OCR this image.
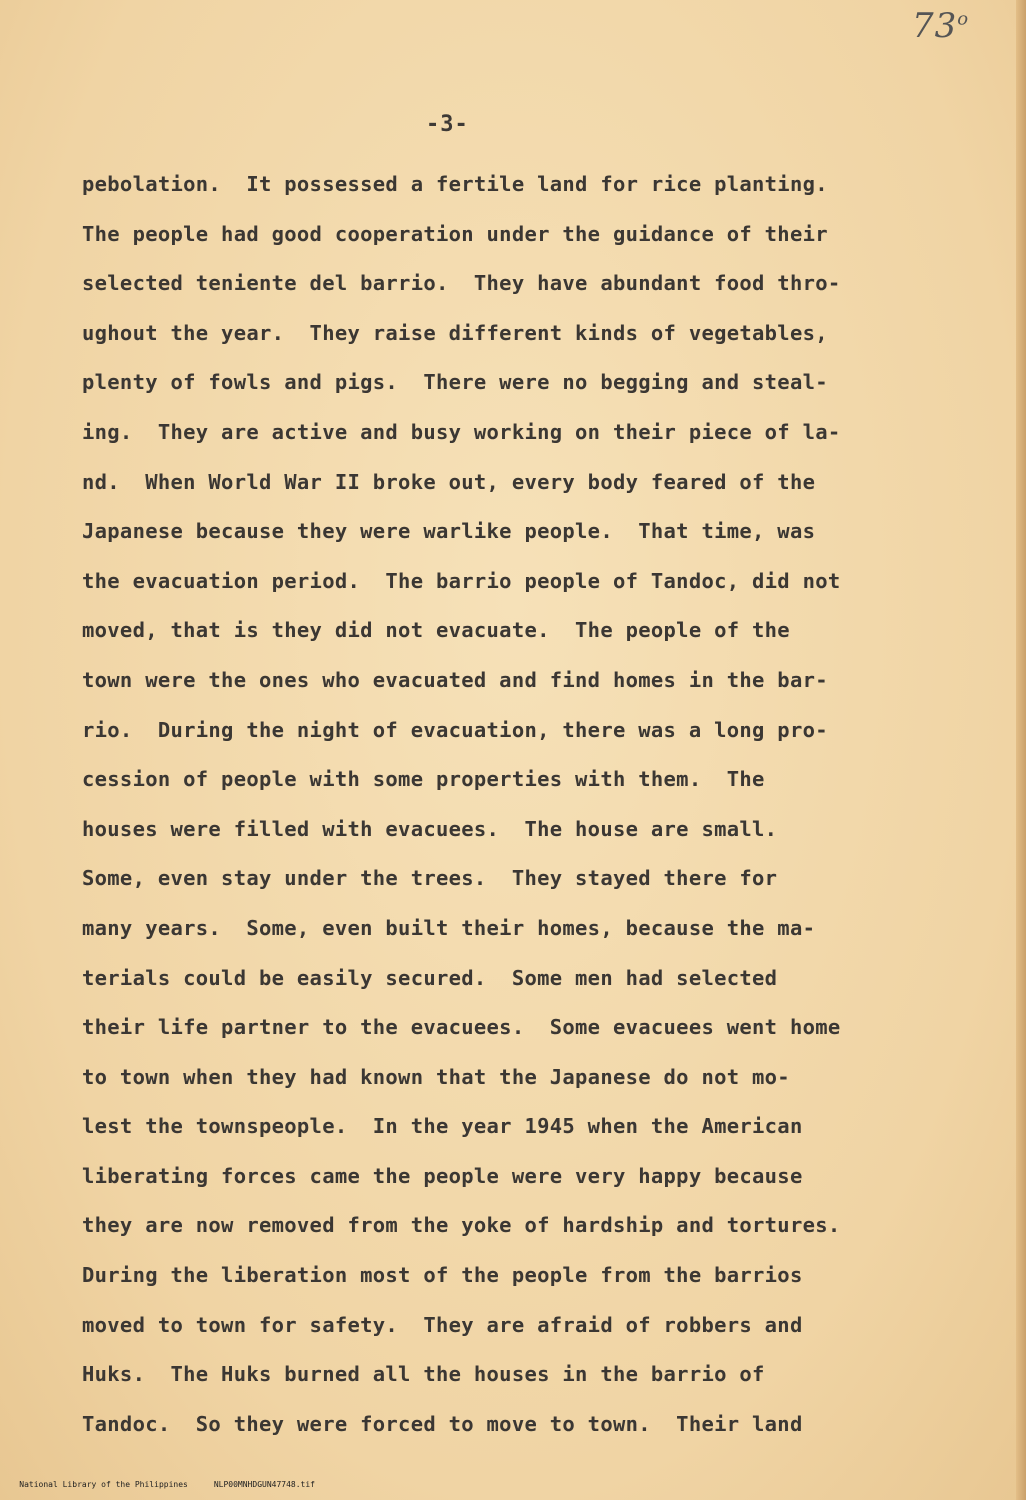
73$^o$
-3-
pebolation.  It possessed a fertile land for rice planting.
The people had good cooperation under the guidance of their
selected teniente del barrio.  They have abundant food thro-
ughout the year.  They raise different kinds of vegetables,
plenty of fowls and pigs.  There were no begging and steal-
ing.  They are active and busy working on their piece of la-
nd.  When World War II broke out, every body feared of the
Japanese because they were warlike people.  That time, was
the evacuation period.  The barrio people of Tandoc, did not
moved, that is they did not evacuate.  The people of the
town were the ones who evacuated and find homes in the bar-
rio.  During the night of evacuation, there was a long pro-
cession of people with some properties with them.  The
houses were filled with evacuees.  The house are small.
Some, even stay under the trees.  They stayed there for
many years.  Some, even built their homes, because the ma-
terials could be easily secured.  Some men had selected
their life partner to the evacuees.  Some evacuees went home
to town when they had known that the Japanese do not mo-
lest the townspeople.  In the year 1945 when the American
liberating forces came the people were very happy because
they are now removed from the yoke of hardship and tortures.
During the liberation most of the people from the barrios
moved to town for safety.  They are afraid of robbers and
Huks.  The Huks burned all the houses in the barrio of
Tandoc.  So they were forced to move to town.  Their land

National Library of the Philippines	NLP00MNHDGUN47748.tif
